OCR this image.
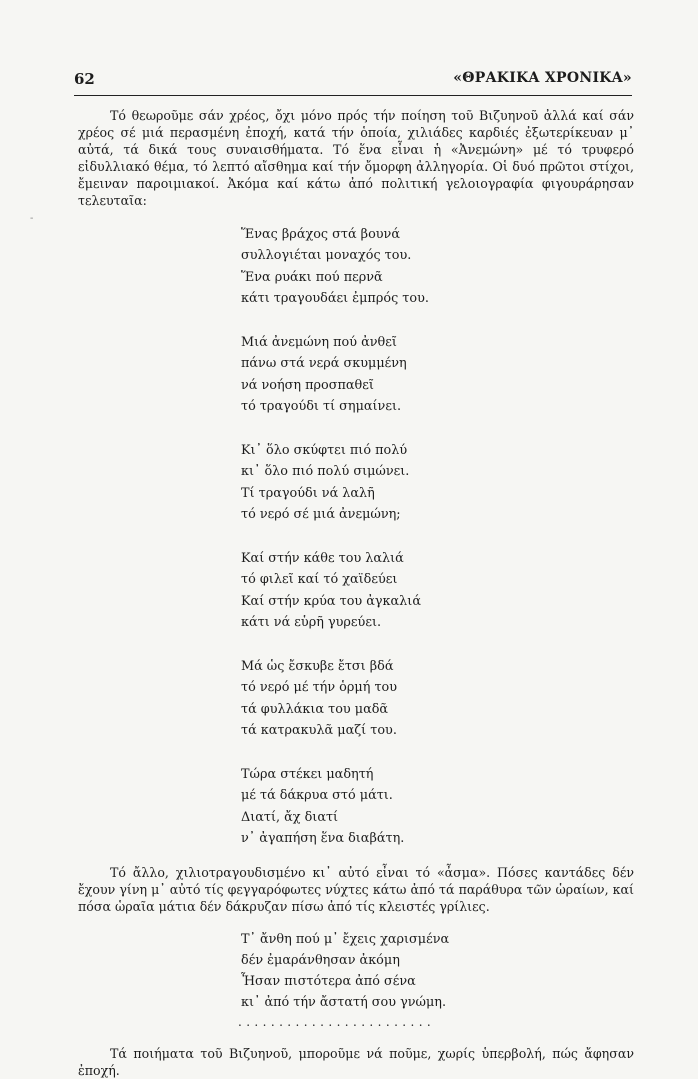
62	«ΘΡΑΚΙΚΑ ΧΡΟΝΙΚΑ»
-

Τό θεωροῦμε σάν χρέος, ὄχι μόνο πρός τήν ποίηση τοῦ Βιζυηνοῦ ἀλλά καί σάν χρέος σέ μιά περασμένη ἐποχή, κατά τήν ὁποία, χιλιάδες καρδιές ἐξωτερίκευαν μ᾿ αὐτά, τά δικά τους συναισθήματα. Τό ἕνα εἶναι ἡ «Ἀνεμώνη» μέ τό τρυφερό εἰδυλλιακό θέμα, τό λεπτό αἴσθημα καί τήν ὄμορφη ἀλληγορία. Οἱ δυό πρῶτοι στίχοι, ἔμειναν παροιμιακοί. Ἀκόμα καί κάτω ἀπό πολιτική γελοιογραφία φιγουράρησαν τελευταῖα:

Ἕνας βράχος στά βουνά
συλλογιέται μοναχός του.
Ἕνα ρυάκι πού περνᾶ
κάτι τραγουδάει ἐμπρός του.
Μιά ἀνεμώνη πού ἀνθεῖ
πάνω στά νερά σκυμμένη
νά νοήση προσπαθεῖ
τό τραγούδι τί σημαίνει.
Κι᾿ ὅλο σκύφτει πιό πολύ
κι᾿ ὅλο πιό πολύ σιμώνει.
Τί τραγούδι νά λαλῆ
τό νερό σέ μιά ἀνεμώνη;
Καί στήν κάθε του λαλιά
τό φιλεῖ καί τό χαϊδεύει
Καί στήν κρύα του ἀγκαλιά
κάτι νά εὑρῆ γυρεύει.
Μά ὡς ἔσκυβε ἔτσι βδά
τό νερό μέ τήν ὁρμή του
τά φυλλάκια του μαδᾶ
τά κατρακυλᾶ μαζί του.
Τώρα στέκει μαδητή
μέ τά δάκρυα στό μάτι.
Διατί, ἄχ διατί
ν᾿ ἀγαπήση ἕνα διαβάτη.

Τό ἄλλο, χιλιοτραγουδισμένο κι᾿ αὐτό εἶναι τό «ἆσμα». Πόσες καντάδες δέν ἔχουν γίνη μ᾿ αὐτό τίς φεγγαρόφωτες νύχτες κάτω ἀπό τά παράθυρα τῶν ὡραίων, καί πόσα ὡραῖα μάτια δέν δάκρυζαν πίσω ἀπό τίς κλειστές γρίλιες.

Τ᾿ ἄνθη πού μ᾿ ἔχεις χαρισμένα
δέν ἐμαράνθησαν ἀκόμη
Ἦσαν πιστότερα ἀπό σένα
κι᾿ ἀπό τήν ἄστατή σου γνώμη.
........................

Τά ποιήματα τοῦ Βιζυηνοῦ, μποροῦμε νά ποῦμε, χωρίς ὑπερβολή, πώς ἄφησαν ἐποχή.
